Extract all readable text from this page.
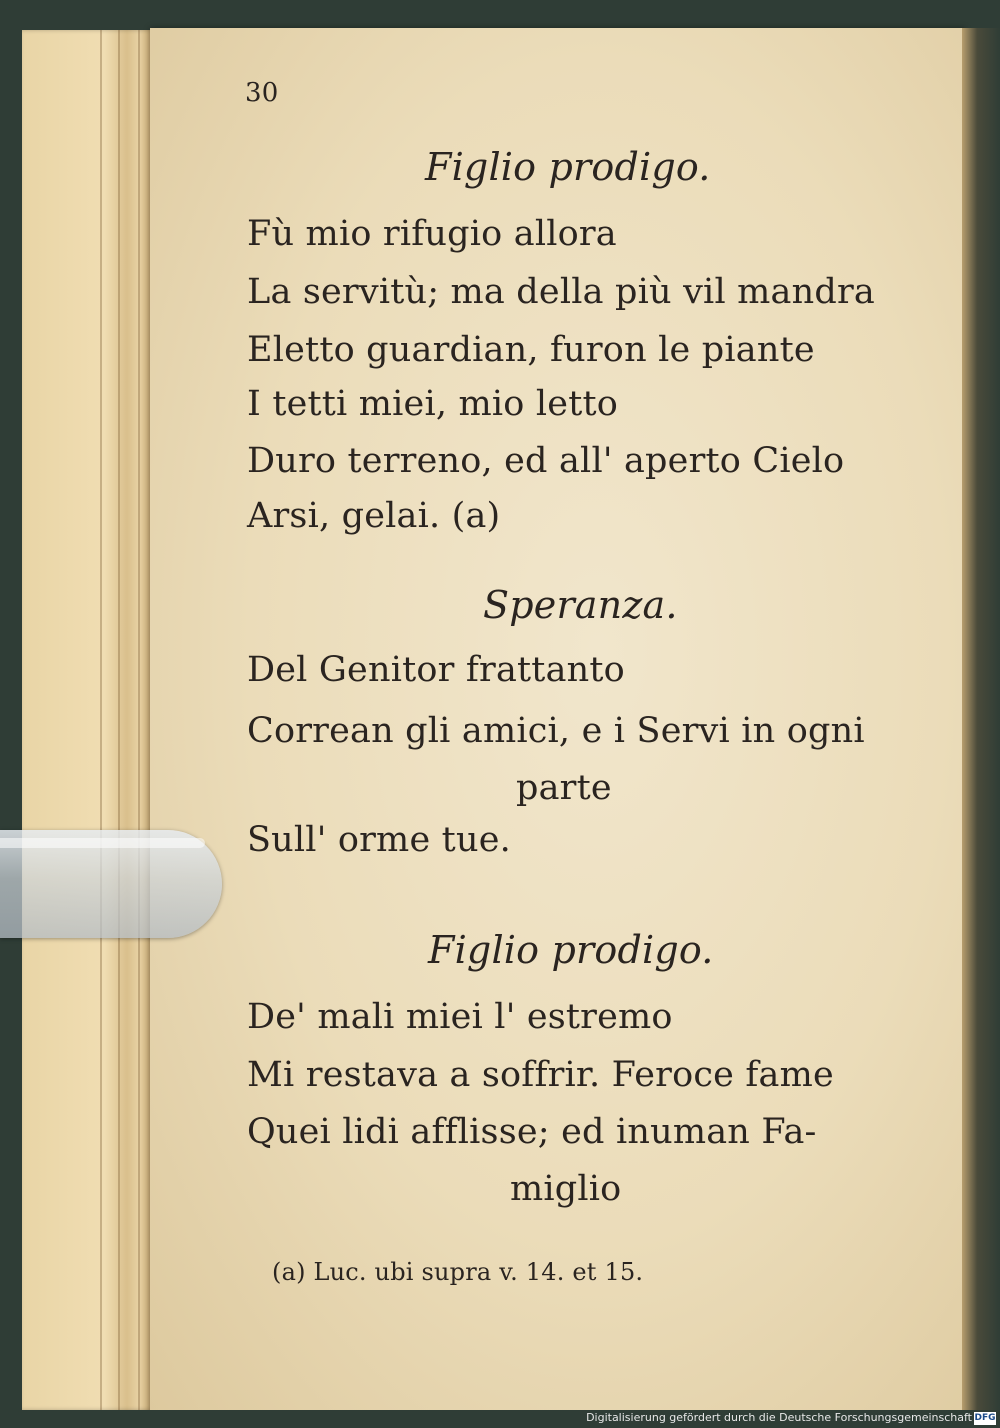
30
Figlio prodigo.
Fù mio rifugio allora
La servitù; ma della più vil mandra
Eletto guardian, furon le piante
I tetti miei, mio letto
Duro terreno, ed all' aperto Cielo
Arsi, gelai. (a)
Speranza.
Del Genitor frattanto
Correan gli amici, e i Servi in ogni
parte
Sull' orme tue.
Figlio prodigo.
De' mali miei l' estremo
Mi restava a soffrir. Feroce fame
Quei lidi afflisse; ed inuman Fa-
miglio
(a) Luc. ubi supra v. 14. et 15.
Digitalisierung gefördert durch die Deutsche Forschungsgemeinschaft DFG
